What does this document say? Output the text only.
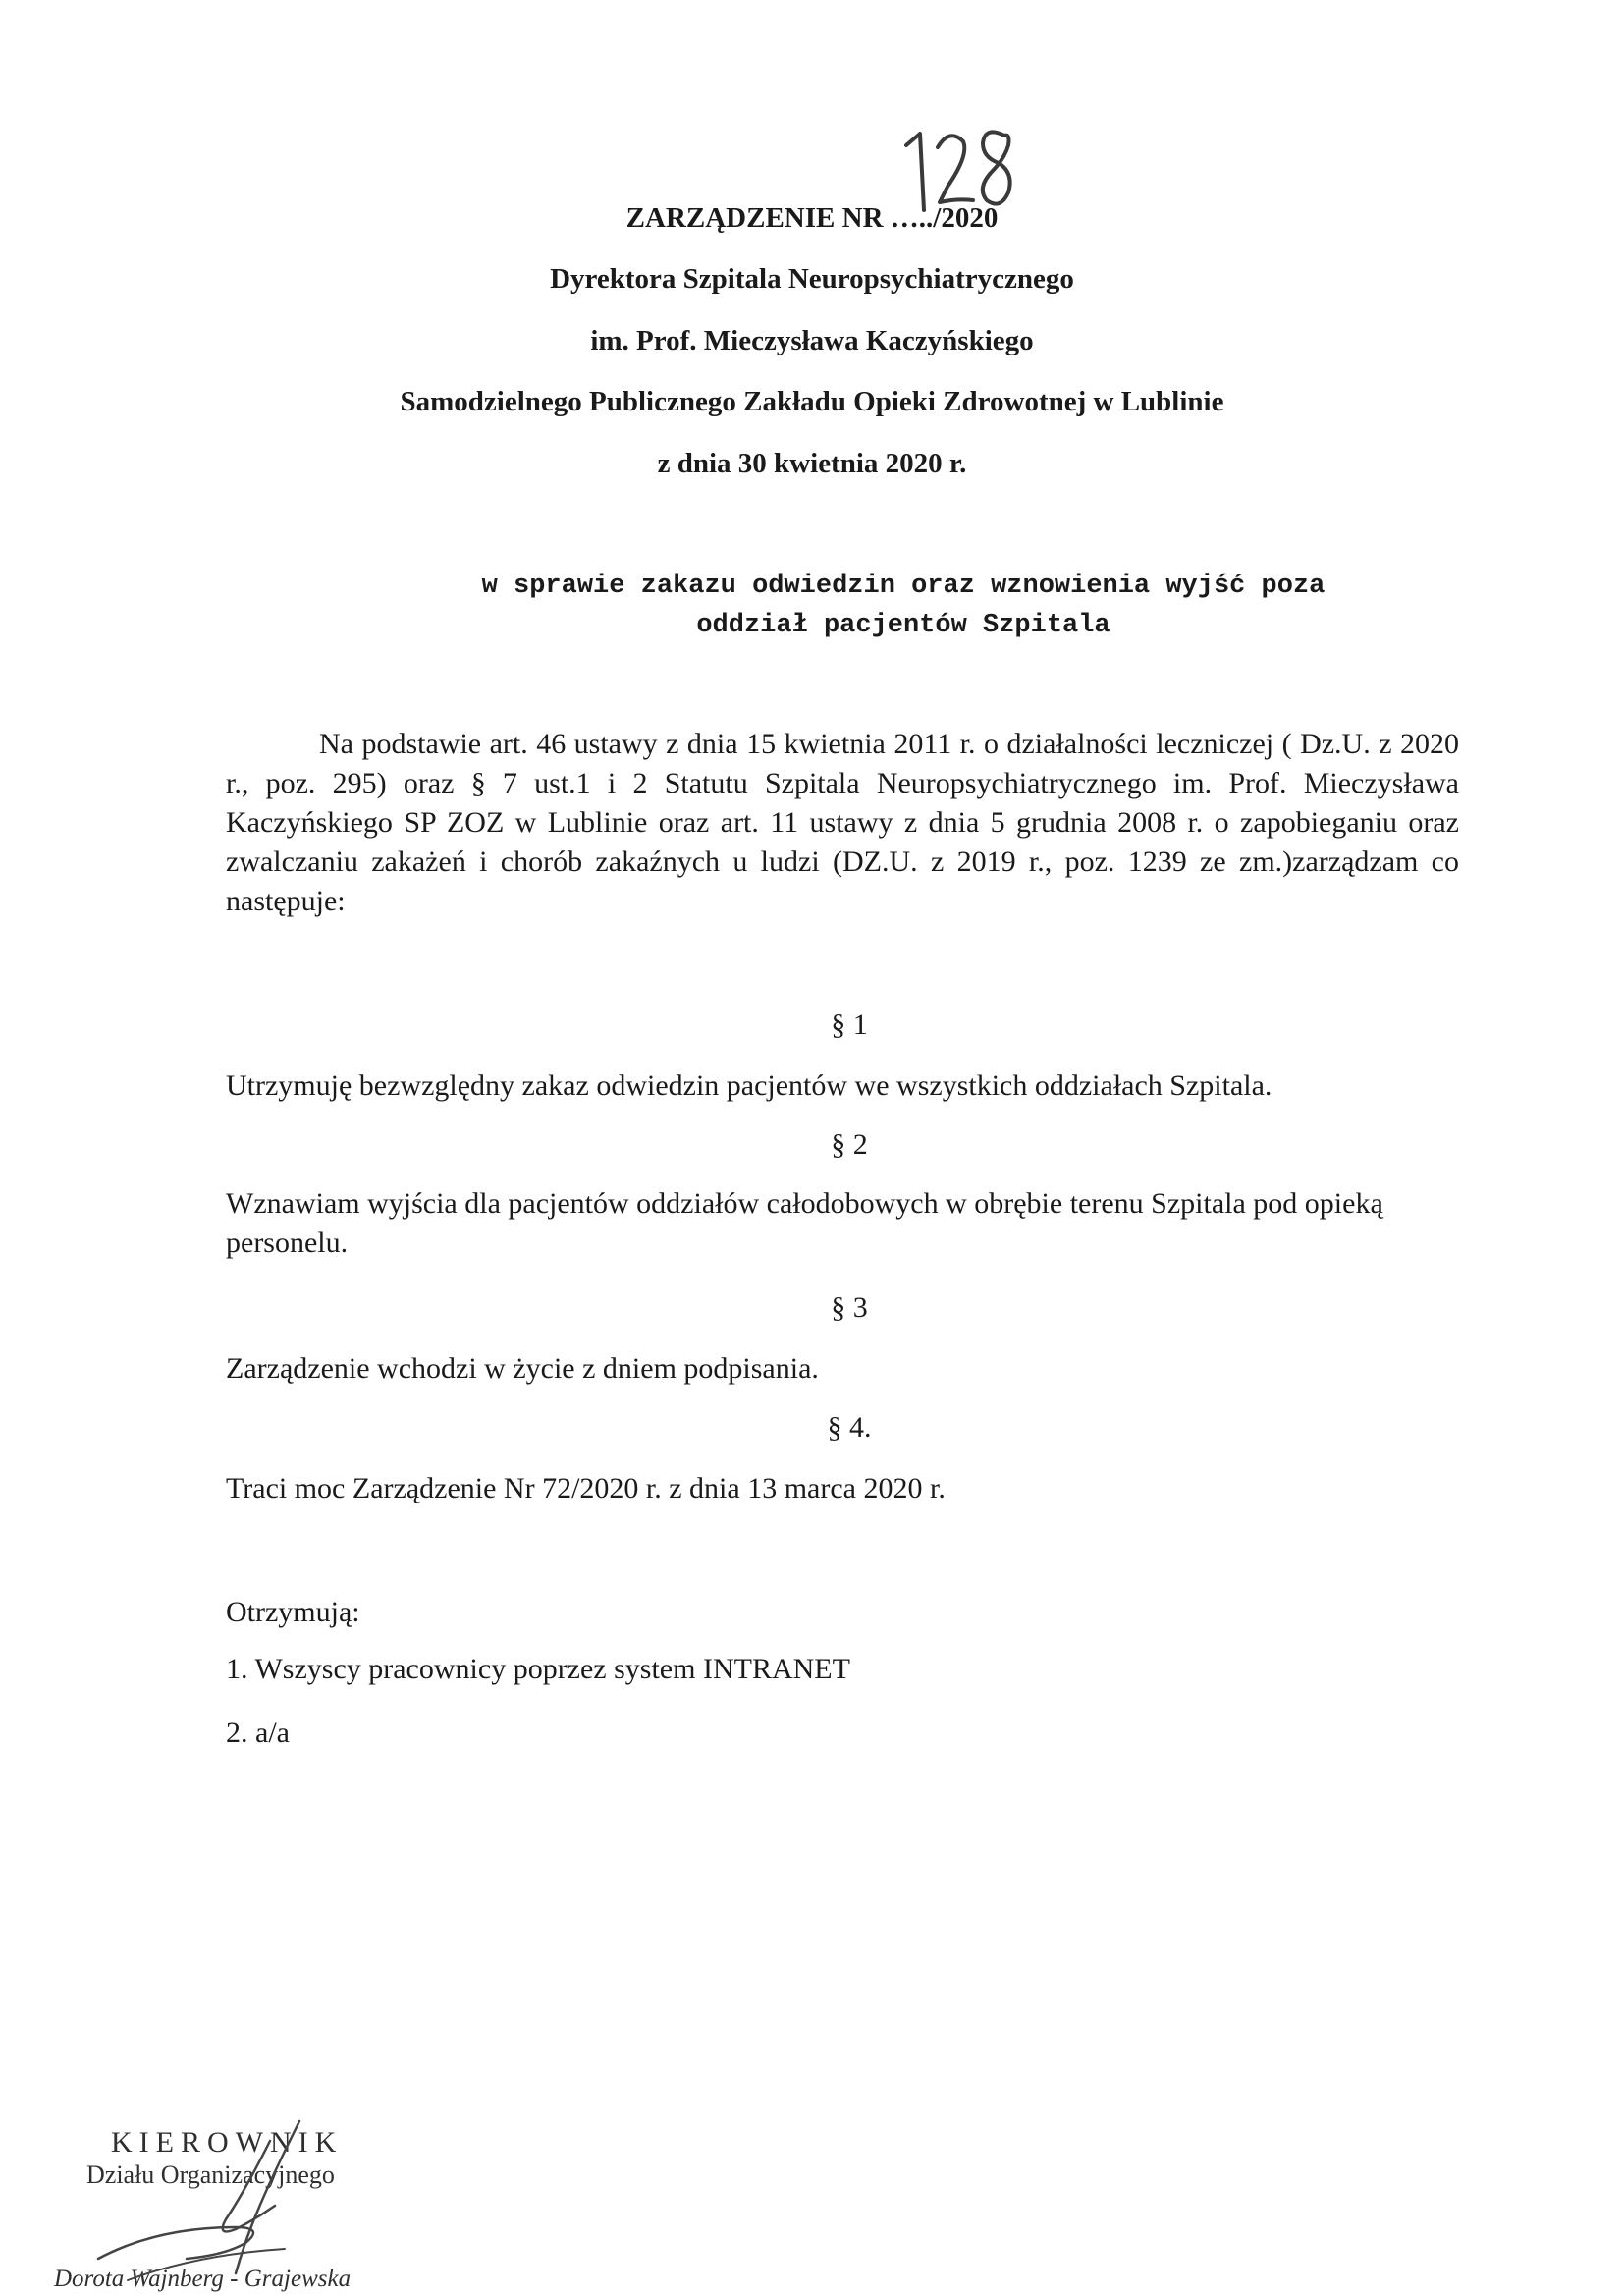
ZARZĄDZENIE NR …../2020
Dyrektora Szpitala Neuropsychiatrycznego
im. Prof. Mieczysława Kaczyńskiego
Samodzielnego Publicznego Zakładu Opieki Zdrowotnej w Lublinie
z dnia 30 kwietnia 2020 r.
w sprawie zakazu odwiedzin oraz wznowienia wyjść poza
oddział pacjentów Szpitala
Na podstawie art. 46 ustawy z dnia 15 kwietnia 2011 r. o działalności leczniczej ( Dz.U. z 2020 r., poz. 295) oraz § 7 ust.1 i 2 Statutu Szpitala Neuropsychiatrycznego im. Prof. Mieczysława Kaczyńskiego SP ZOZ w Lublinie oraz art. 11 ustawy z dnia 5 grudnia 2008 r. o zapobieganiu oraz zwalczaniu zakażeń i chorób zakaźnych u ludzi (DZ.U. z 2019 r., poz. 1239 ze zm.)zarządzam co następuje:
§ 1
Utrzymuję bezwzględny zakaz odwiedzin pacjentów we wszystkich oddziałach Szpitala.
§ 2
Wznawiam wyjścia dla pacjentów oddziałów całodobowych w obrębie terenu Szpitala pod opieką personelu.
§ 3
Zarządzenie wchodzi w życie z dniem podpisania.
§ 4.
Traci moc Zarządzenie Nr 72/2020 r. z dnia 13 marca 2020 r.
Otrzymują:
1. Wszyscy pracownicy poprzez system INTRANET
2. a/a
KIEROWNIK
Działu Organizacyjnego
Dorota Wajnberg - Grajewska
